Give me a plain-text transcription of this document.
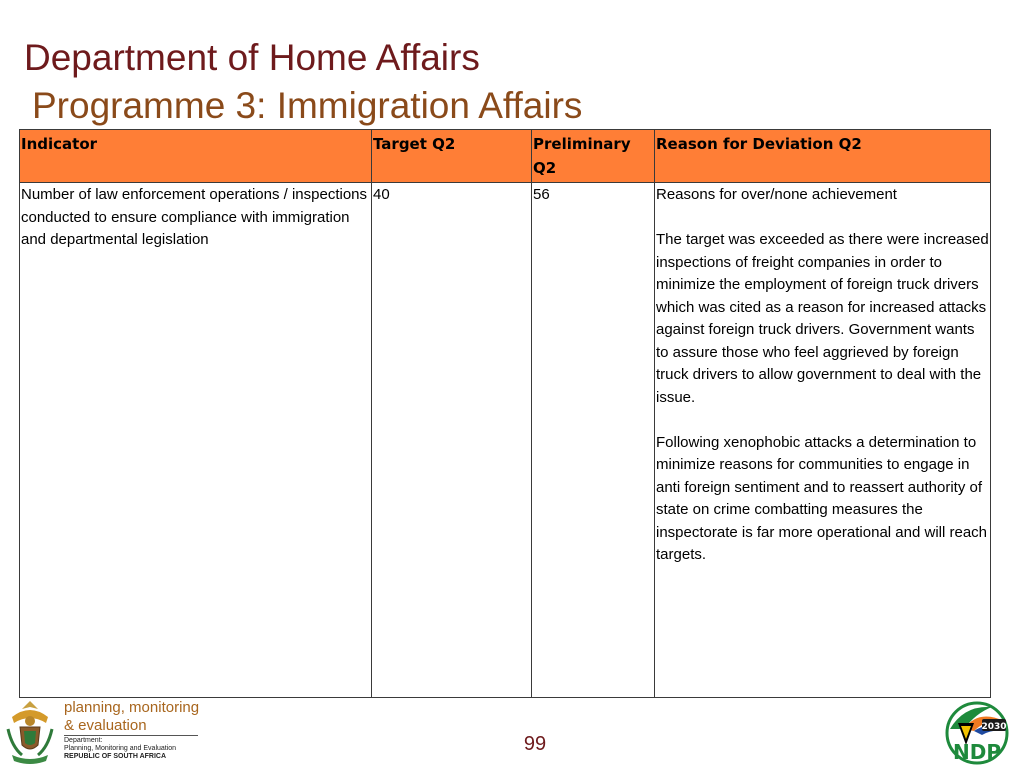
Department of Home Affairs
Programme 3: Immigration Affairs
Indicator	Target Q2	Preliminary Q2	Reason for Deviation Q2
Number of law enforcement operations / inspections conducted to ensure compliance with immigration and departmental legislation	40	56	Reasons for over/none achievement

The target was exceeded as there were increased inspections of freight companies in order to minimize the employment of foreign truck drivers which was cited as a reason for increased attacks against foreign truck drivers. Government wants to assure those who feel aggrieved by foreign truck drivers to allow government to deal with the issue.

Following xenophobic attacks a determination to minimize reasons for communities to engage in anti foreign sentiment and to reassert authority of state on crime combatting measures the inspectorate is far more operational and will reach targets.

planning, monitoring
& evaluation
Department:
Planning, Monitoring and Evaluation
REPUBLIC OF SOUTH AFRICA
99
2030
NDP
